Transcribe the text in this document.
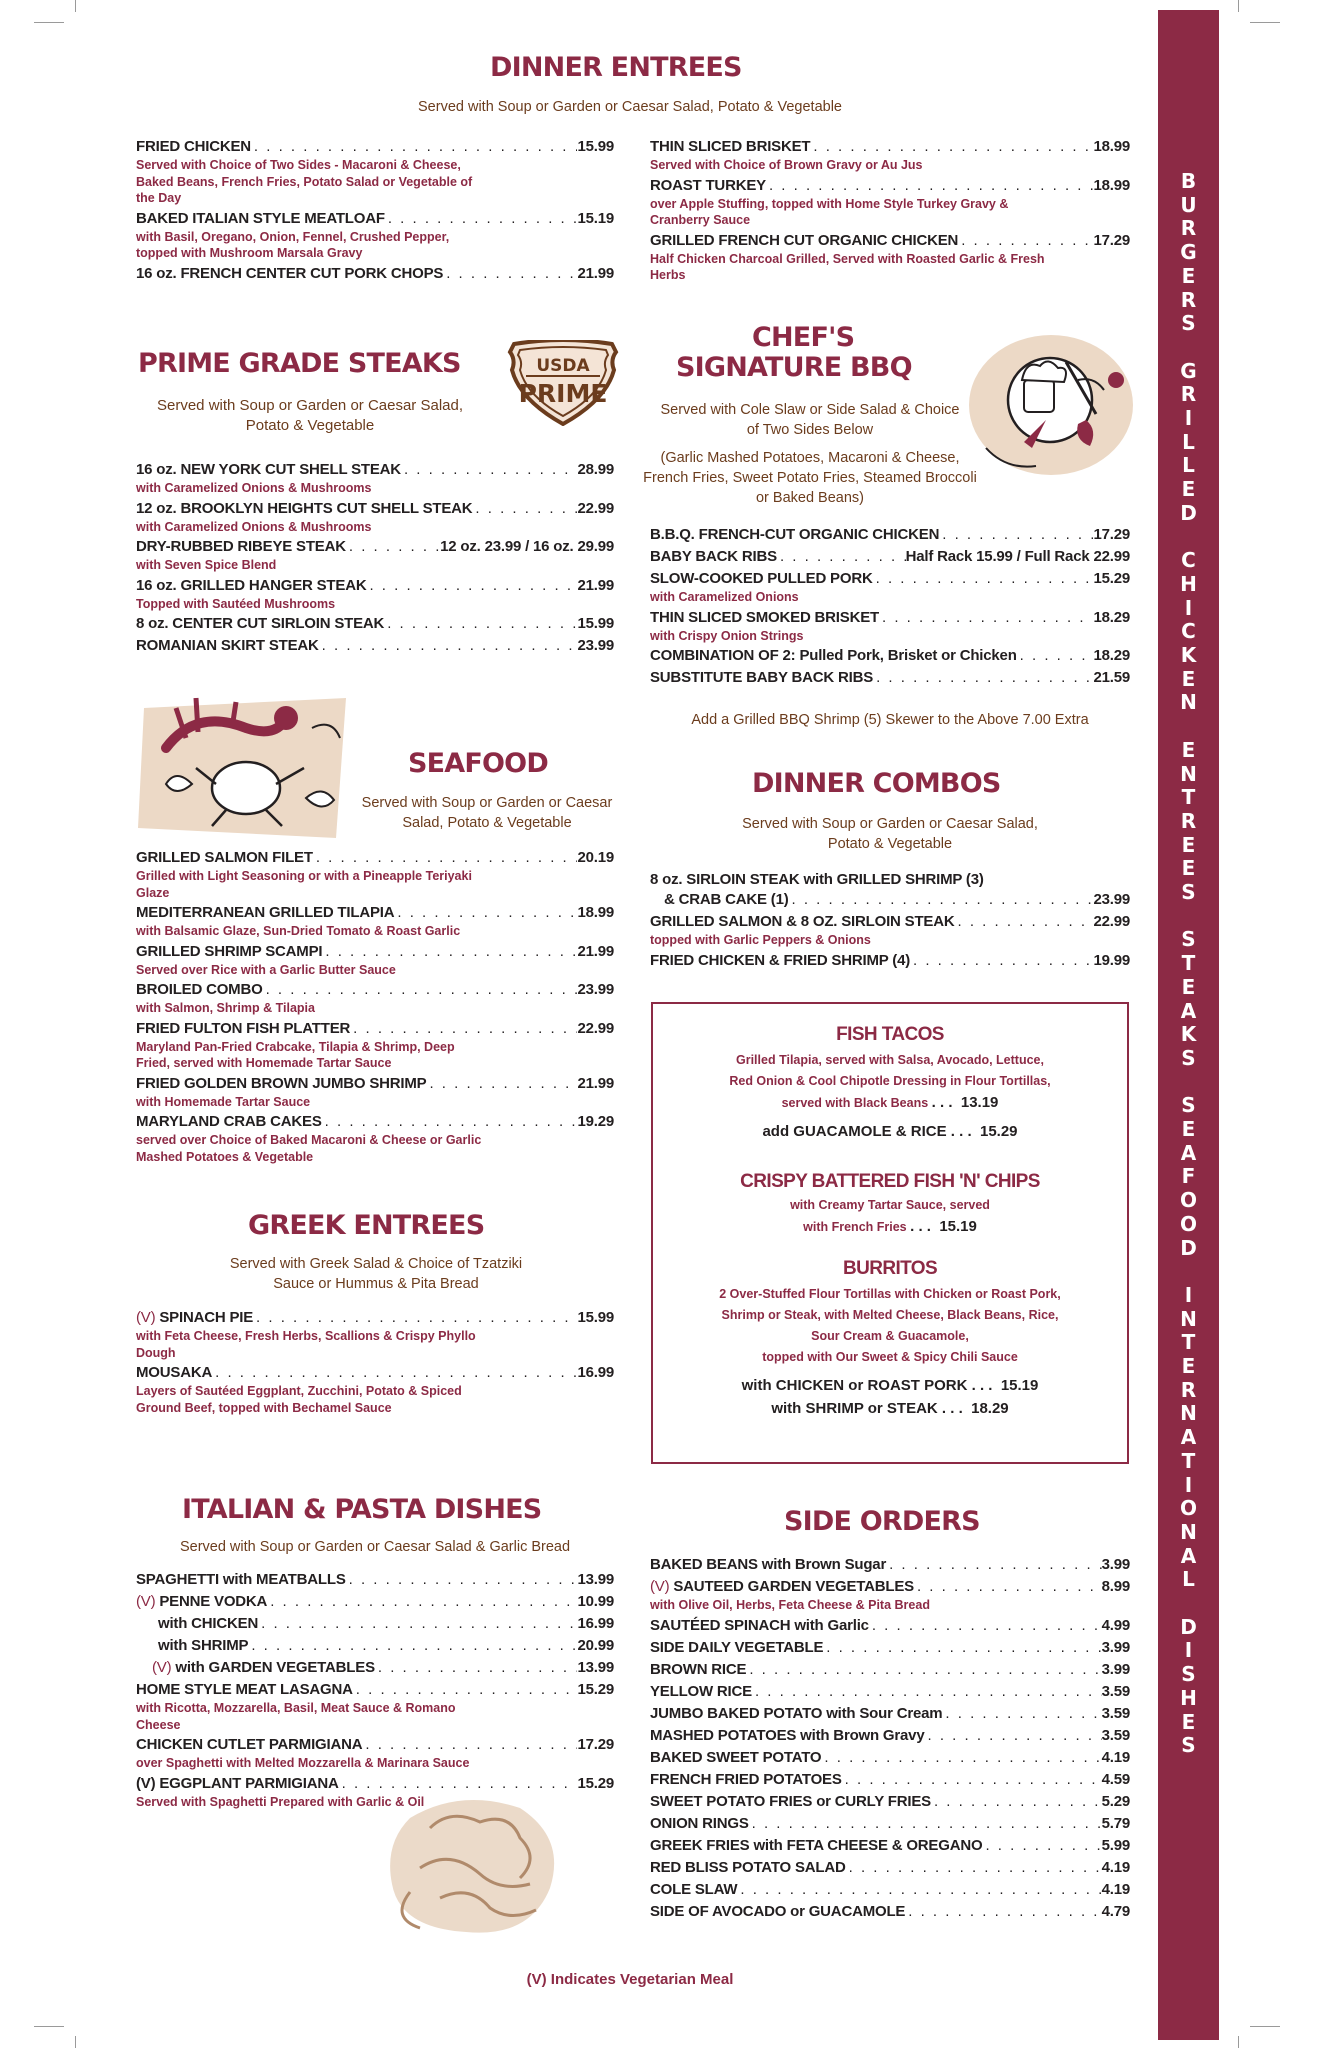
B
U
R
G
E
R
S

G
R
I
L
L
E
D

C
H
I
C
K
E
N

E
N
T
R
E
E
S

S
T
E
A
K
S

S
E
A
F
O
O
D

I
N
T
E
R
N
A
T
I
O
N
A
L

D
I
S
H
E
S
DINNER ENTREES
Served with Soup or Garden or Caesar Salad, Potato & Vegetable
FRIED CHICKEN . . .	15.99
Served with Choice of Two Sides - Macaroni & Cheese, Baked Beans, French Fries, Potato Salad or Vegetable of the Day
BAKED ITALIAN STYLE MEATLOAF . . .	15.19
with Basil, Oregano, Onion, Fennel, Crushed Pepper, topped with Mushroom Marsala Gravy
16 oz. FRENCH CENTER CUT PORK CHOPS . . .	21.99
THIN SLICED BRISKET . . .	18.99
Served with Choice of Brown Gravy or Au Jus
ROAST TURKEY . . .	18.99
over Apple Stuffing, topped with Home Style Turkey Gravy & Cranberry Sauce
GRILLED FRENCH CUT ORGANIC CHICKEN . . .	17.29
Half Chicken Charcoal Grilled, Served with Roasted Garlic & Fresh Herbs
PRIME GRADE STEAKS
Served with Soup or Garden or Caesar Salad, Potato & Vegetable
USDA
PRIME
16 oz. NEW YORK CUT SHELL STEAK . . .	28.99
with Caramelized Onions & Mushrooms
12 oz. BROOKLYN HEIGHTS CUT SHELL STEAK . . .	22.99
with Caramelized Onions & Mushrooms
DRY-RUBBED RIBEYE STEAK . . .	12 oz. 23.99 / 16 oz. 29.99
with Seven Spice Blend
16 oz. GRILLED HANGER STEAK . . .	21.99
Topped with Sautéed Mushrooms
8 oz. CENTER CUT SIRLOIN STEAK . . .	15.99
ROMANIAN SKIRT STEAK . . .	23.99
CHEF'S
SIGNATURE BBQ
Served with Cole Slaw or Side Salad & Choice of Two Sides Below
(Garlic Mashed Potatoes, Macaroni & Cheese, French Fries, Sweet Potato Fries, Steamed Broccoli or Baked Beans)
B.B.Q. FRENCH-CUT ORGANIC CHICKEN . . .	17.29
BABY BACK RIBS . . .	Half Rack 15.99 / Full Rack 22.99
SLOW-COOKED PULLED PORK . . .	15.29
with Caramelized Onions
THIN SLICED SMOKED BRISKET . . .	18.29
with Crispy Onion Strings
COMBINATION OF 2: Pulled Pork, Brisket or Chicken . . .	18.29
SUBSTITUTE BABY BACK RIBS . . .	21.59
Add a Grilled BBQ Shrimp (5) Skewer to the Above 7.00 Extra
SEAFOOD
Served with Soup or Garden or Caesar Salad, Potato & Vegetable
GRILLED SALMON FILET . . .	20.19
Grilled with Light Seasoning or with a Pineapple Teriyaki Glaze
MEDITERRANEAN GRILLED TILAPIA . . .	18.99
with Balsamic Glaze, Sun-Dried Tomato & Roast Garlic
GRILLED SHRIMP SCAMPI . . .	21.99
Served over Rice with a Garlic Butter Sauce
BROILED COMBO . . .	23.99
with Salmon, Shrimp & Tilapia
FRIED FULTON FISH PLATTER . . .	22.99
Maryland Pan-Fried Crabcake, Tilapia & Shrimp, Deep Fried, served with Homemade Tartar Sauce
FRIED GOLDEN BROWN JUMBO SHRIMP . . .	21.99
with Homemade Tartar Sauce
MARYLAND CRAB CAKES . . .	19.29
served over Choice of Baked Macaroni & Cheese or Garlic Mashed Potatoes & Vegetable
DINNER COMBOS
Served with Soup or Garden or Caesar Salad, Potato & Vegetable
8 oz. SIRLOIN STEAK with GRILLED SHRIMP (3)
& CRAB CAKE (1) . . .	23.99
GRILLED SALMON & 8 OZ. SIRLOIN STEAK . . .	22.99
topped with Garlic Peppers & Onions
FRIED CHICKEN & FRIED SHRIMP (4) . . .	19.99
FISH TACOS
Grilled Tilapia, served with Salsa, Avocado, Lettuce,
Red Onion & Cool Chipotle Dressing in Flour Tortillas,
served with Black Beans . . .  13.19
add GUACAMOLE & RICE . . .  15.29
CRISPY BATTERED FISH 'N' CHIPS
with Creamy Tartar Sauce, served
with French Fries . . .  15.19
BURRITOS
2 Over-Stuffed Flour Tortillas with Chicken or Roast Pork,
Shrimp or Steak, with Melted Cheese, Black Beans, Rice,
Sour Cream & Guacamole,
topped with Our Sweet & Spicy Chili Sauce
with CHICKEN or ROAST PORK . . .  15.19
with SHRIMP or STEAK . . .  18.29
GREEK ENTREES
Served with Greek Salad & Choice of Tzatziki Sauce or Hummus & Pita Bread
(V) SPINACH PIE . . .	15.99
with Feta Cheese, Fresh Herbs, Scallions & Crispy Phyllo Dough
MOUSAKA . . .	16.99
Layers of Sautéed Eggplant, Zucchini, Potato & Spiced Ground Beef, topped with Bechamel Sauce
ITALIAN & PASTA DISHES
Served with Soup or Garden or Caesar Salad & Garlic Bread
SPAGHETTI with MEATBALLS . . .	13.99
(V) PENNE VODKA . . .	10.99
with CHICKEN . . .	16.99
with SHRIMP . . .	20.99
(V) with GARDEN VEGETABLES . . .	13.99
HOME STYLE MEAT LASAGNA . . .	15.29
with Ricotta, Mozzarella, Basil, Meat Sauce & Romano Cheese
CHICKEN CUTLET PARMIGIANA . . .	17.29
over Spaghetti with Melted Mozzarella & Marinara Sauce
(V) EGGPLANT PARMIGIANA . . .	15.29
Served with Spaghetti Prepared with Garlic & Oil
SIDE ORDERS
BAKED BEANS with Brown Sugar . . .	3.99
(V) SAUTEED GARDEN VEGETABLES . . .	8.99
with Olive Oil, Herbs, Feta Cheese & Pita Bread
SAUTÉED SPINACH with Garlic . . .	4.99
SIDE DAILY VEGETABLE . . .	3.99
BROWN RICE . . .	3.99
YELLOW RICE . . .	3.59
JUMBO BAKED POTATO with Sour Cream . . .	3.59
MASHED POTATOES with Brown Gravy . . .	3.59
BAKED SWEET POTATO . . .	4.19
FRENCH FRIED POTATOES . . .	4.59
SWEET POTATO FRIES or CURLY FRIES . . .	5.29
ONION RINGS . . .	5.79
GREEK FRIES with FETA CHEESE & OREGANO . . .	5.99
RED BLISS POTATO SALAD . . .	4.19
COLE SLAW . . .	4.19
SIDE OF AVOCADO or GUACAMOLE . . .	4.79
(V) Indicates Vegetarian Meal
